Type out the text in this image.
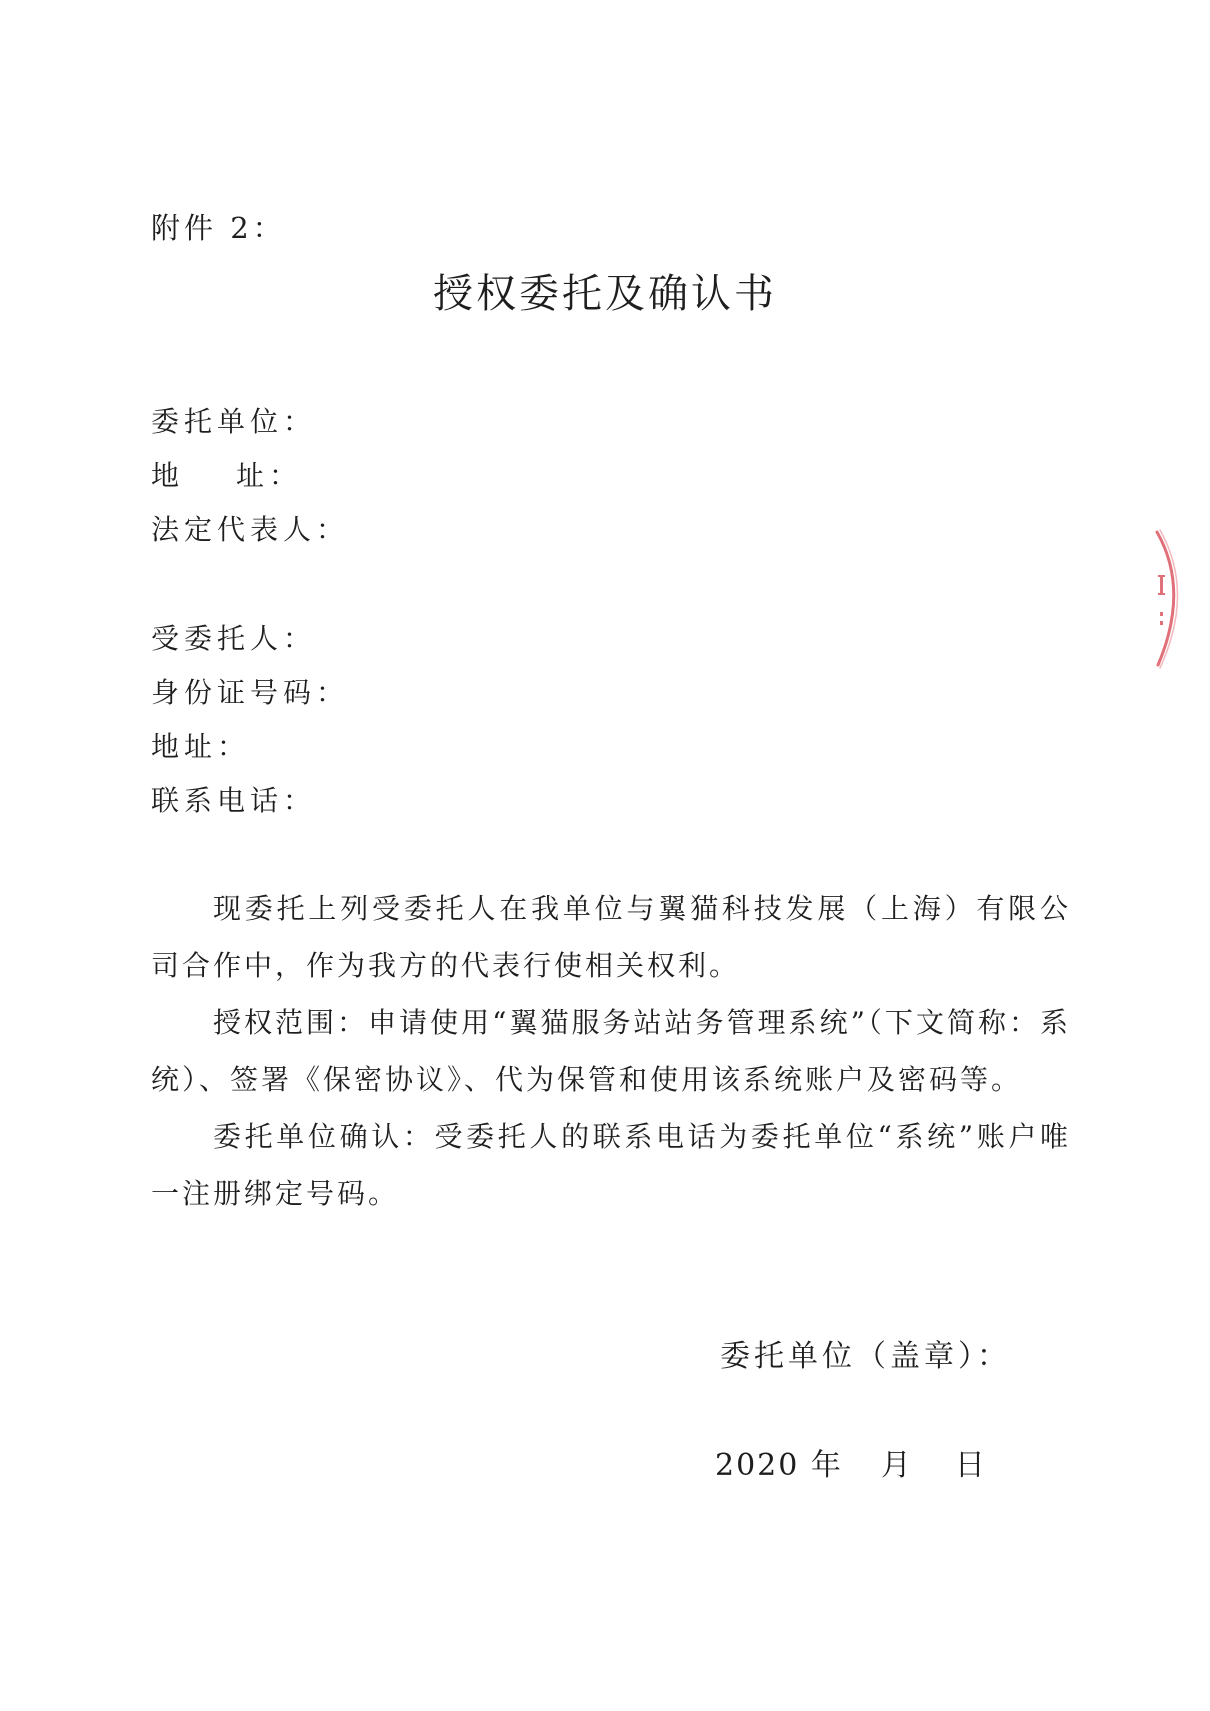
附件 2：
授权委托及确认书
委托单位：
地 址：
法定代表人：
受委托人：
身份证号码：
地址：
联系电话：

现委托上列受委托人在我单位与翼猫科技发展（上海）有限公司合作中，作为我方的代表行使相关权利。

授权范围：申请使用“翼猫服务站站务管理系统”（下文简称：系统）、签署《保密协议》、代为保管和使用该系统账户及密码等。

委托单位确认：受委托人的联系电话为委托单位“系统”账户唯一注册绑定号码。

委托单位（盖章）：
2020 年 月 日
